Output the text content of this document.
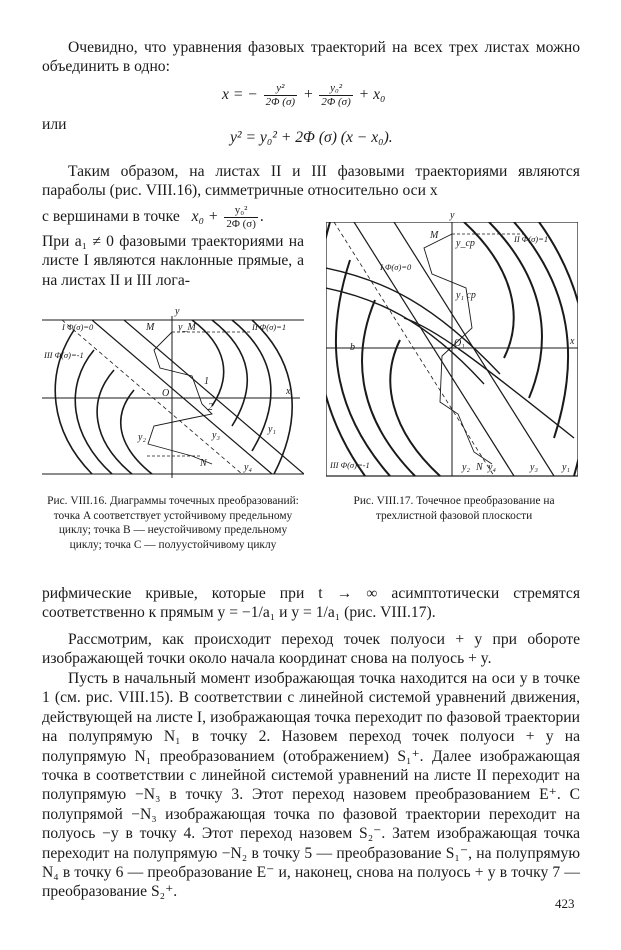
Очевидно, что уравнения фазовых траекторий на всех трех листах можно объединить в одно:
x = − $\frac{\text{y²}}{2\Phi (\sigma)} + \frac{\text{y₀²}}{2\Phi (\sigma)} + x_0$
или
y² = y₀² + 2Φ (σ) (x − x₀).
Таким образом, на листах II и III фазовыми траекториями являются параболы (рис. VIII.16), симметричные относительно оси x
с вершинами в точке $x_0 + \frac{\text{y₀²}}{2\Phi (\sigma)}$ .
При a₁ ≠ 0 фазовыми траекториями на листе I являются наклонные прямые, а на листах II и III лога-
y
x
I Φ(σ)=0	II Φ(σ)=1
III Φ(σ)=-1
M y_M
O
1
2
y₁
y₂	y₃
y₄
N
Рис. VIII.16. Диаграммы точечных преобразований: точка A соответствует устойчивому предельному циклу; точка B — неустойчивому предельному циклу; точка C — полуустойчивому циклу
y
x
I Φ(σ)=0
II Φ(σ)=1
III Φ(σ)=-1
M
y_ср
y₁ ср
O₁
b
y₂ N y₄	y₃ y₁
Рис. VIII.17. Точечное преобразование на трехлистной фазовой плоскости
рифмические кривые, которые при t → ∞ асимптотически стремятся соответственно к прямым y = −1/a₁ и y = 1/a₁ (рис. VIII.17).
Рассмотрим, как происходит переход точек полуоси + y при обороте изображающей точки около начала координат снова на полуось + y.
Пусть в начальный момент изображающая точка находится на оси y в точке 1 (см. рис. VIII.15). В соответствии с линейной системой уравнений движения, действующей на листе I, изображающая точка переходит по фазовой траектории на полупрямую N₁ в точку 2. Назовем переход точек полуоси + y на полупрямую N₁ преобразованием (отображением) S₁⁺. Далее изображающая точка в соответствии с линейной системой уравнений на листе II переходит на полупрямую −N₃ в точку 3. Этот переход назовем преобразованием E⁺. С полупрямой −N₃ изображающая точка по фазовой траектории переходит на полуось −y в точку 4. Этот переход назовем S₂⁻. Затем изображающая точка переходит на полупрямую −N₂ в точку 5 — преобразование S₁⁻, на полупрямую N₄ в точку 6 — преобразование E⁻ и, наконец, снова на полуось + y в точку 7 — преобразование S₂⁺.
423
